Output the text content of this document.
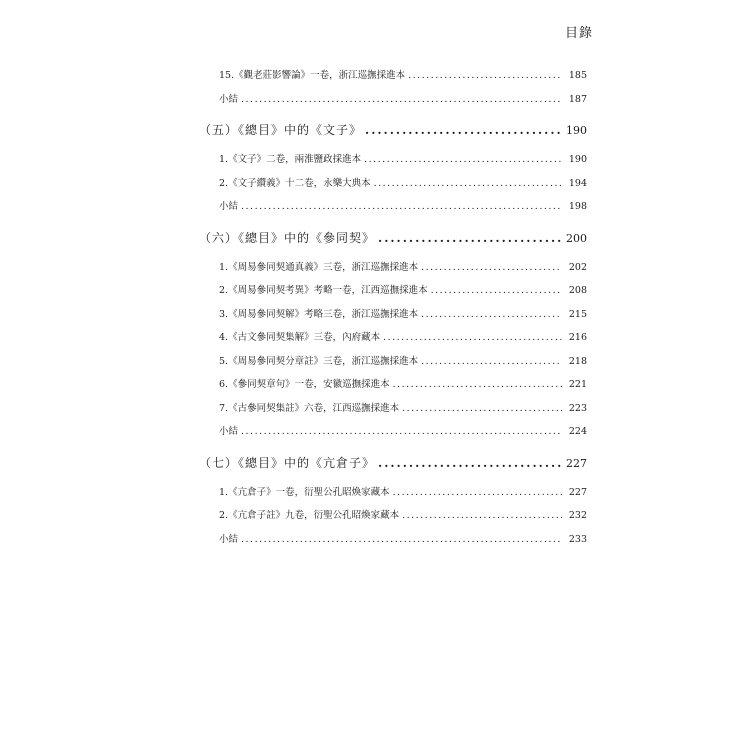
目錄
15.《觀老莊影響論》一卷，浙江巡撫採進本 .....	185
小結 .....	187
（五）《總目》中的《文子》 .....	190
1.《文子》二卷，兩淮鹽政採進本 .....	190
2.《文子纘義》十二卷，永樂大典本 .....	194
小結 .....	198
（六）《總目》中的《參同契》 .....	200
1.《周易參同契通真義》三卷，浙江巡撫採進本 .....	202
2.《周易參同契考異》考略一卷，江西巡撫採進本 .....	208
3.《周易參同契解》考略三卷，浙江巡撫採進本 .....	215
4.《古文參同契集解》三卷，內府藏本 .....	216
5.《周易參同契分章註》三卷，浙江巡撫採進本 .....	218
6.《參同契章句》一卷，安徽巡撫採進本 .....	221
7.《古參同契集註》六卷，江西巡撫採進本 .....	223
小結 .....	224
（七）《總目》中的《亢倉子》 .....	227
1.《亢倉子》一卷，衍聖公孔昭煥家藏本 .....	227
2.《亢倉子註》九卷，衍聖公孔昭煥家藏本 .....	232
小結 .....	233
